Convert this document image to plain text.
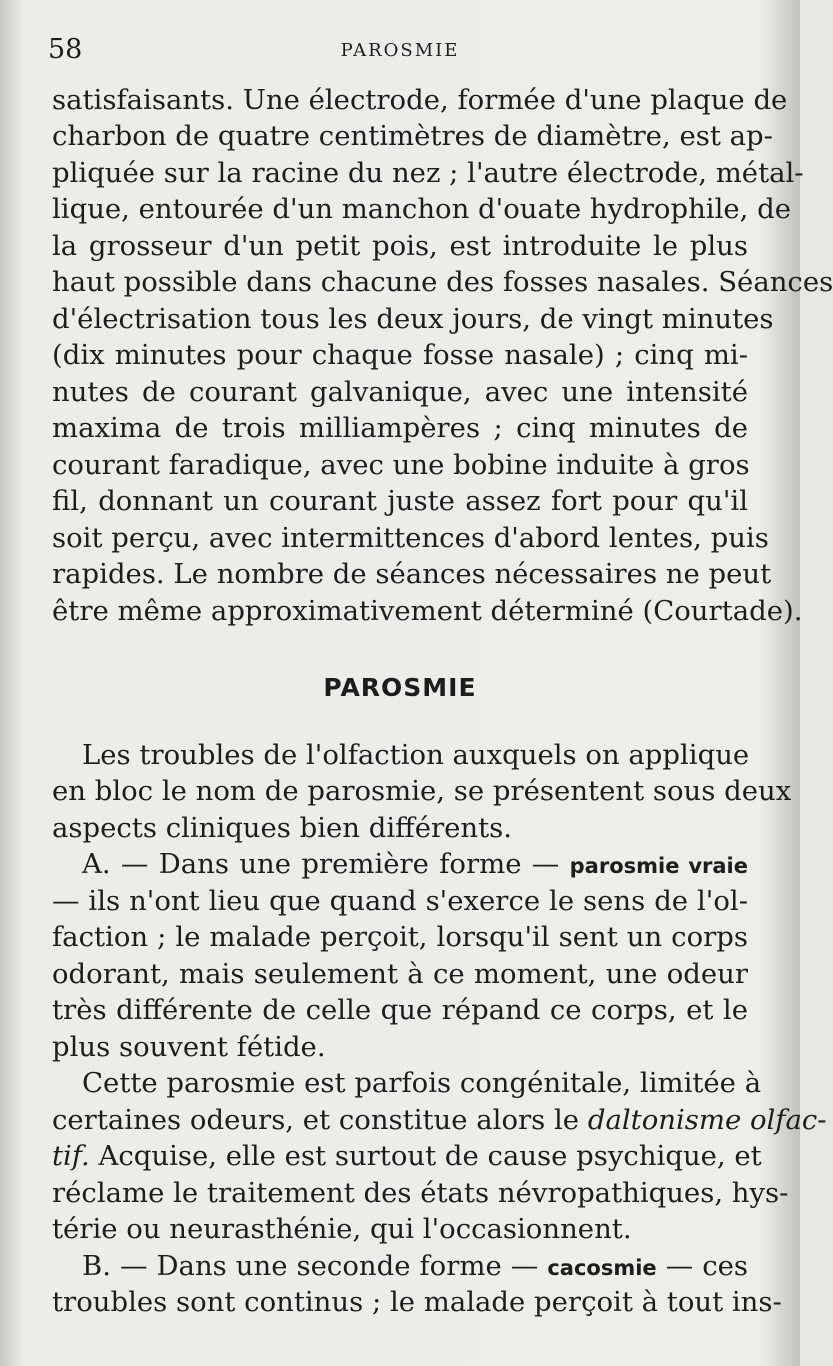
58	PAROSMIE
satisfaisants. Une électrode, formée d'une plaque de
charbon de quatre centimètres de diamètre, est ap-
pliquée sur la racine du nez ; l'autre électrode, métal-
lique, entourée d'un manchon d'ouate hydrophile, de
la grosseur d'un petit pois, est introduite le plus
haut possible dans chacune des fosses nasales. Séances
d'électrisation tous les deux jours, de vingt minutes
(dix minutes pour chaque fosse nasale) ; cinq mi-
nutes de courant galvanique, avec une intensité
maxima de trois milliampères ; cinq minutes de
courant faradique, avec une bobine induite à gros
fil, donnant un courant juste assez fort pour qu'il
soit perçu, avec intermittences d'abord lentes, puis
rapides. Le nombre de séances nécessaires ne peut
être même approximativement déterminé (Courtade).
PAROSMIE
Les troubles de l'olfaction auxquels on applique
en bloc le nom de parosmie, se présentent sous deux
aspects cliniques bien différents.
A. — Dans une première forme — parosmie vraie
— ils n'ont lieu que quand s'exerce le sens de l'ol-
faction ; le malade perçoit, lorsqu'il sent un corps
odorant, mais seulement à ce moment, une odeur
très différente de celle que répand ce corps, et le
plus souvent fétide.
Cette parosmie est parfois congénitale, limitée à
certaines odeurs, et constitue alors le daltonisme olfac-
tif. Acquise, elle est surtout de cause psychique, et
réclame le traitement des états névropathiques, hys-
térie ou neurasthénie, qui l'occasionnent.
B. — Dans une seconde forme — cacosmie — ces
troubles sont continus ; le malade perçoit à tout ins-
